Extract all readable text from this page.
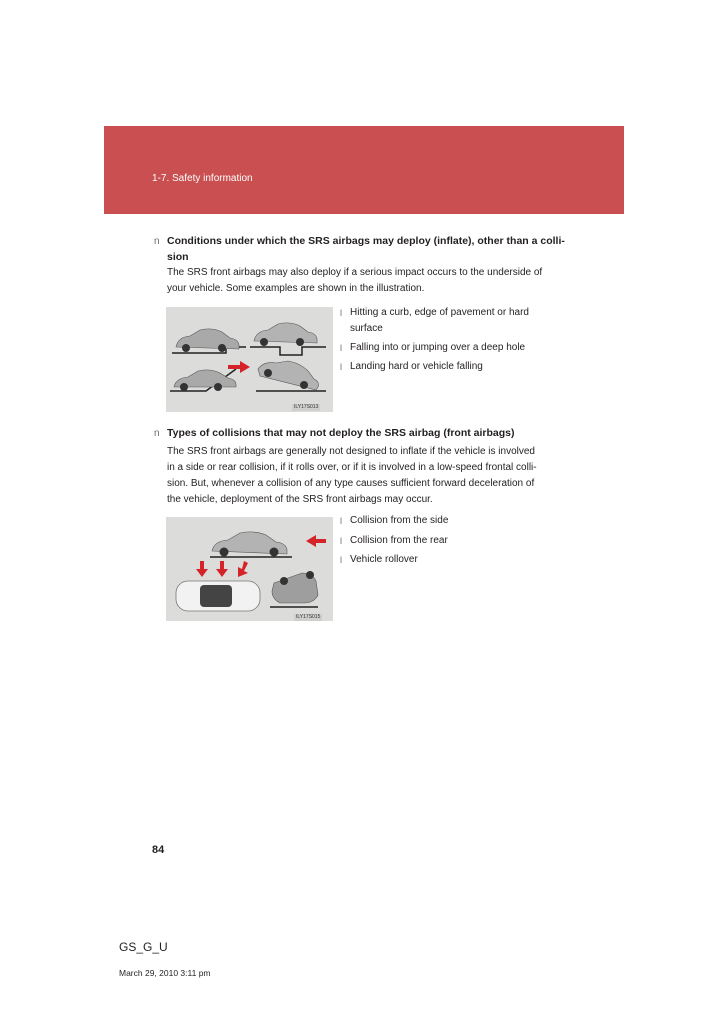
1-7. Safety information
n Conditions under which the SRS airbags may deploy (inflate), other than a colli-
sion
The SRS front airbags may also deploy if a serious impact occurs to the underside of
your vehicle. Some examples are shown in the illustration.
ILY17S013
l Hitting a curb, edge of pavement or hard
surface
l Falling into or jumping over a deep hole
l Landing hard or vehicle falling
n Types of collisions that may not deploy the SRS airbag (front airbags)
The SRS front airbags are generally not designed to inflate if the vehicle is involved
in a side or rear collision, if it rolls over, or if it is involved in a low-speed frontal colli-
sion. But, whenever a collision of any type causes sufficient forward deceleration of
the vehicle, deployment of the SRS front airbags may occur.
ILY17S015
l Collision from the side
l Collision from the rear
l Vehicle rollover
84
GS_G_U
March 29, 2010 3:11 pm
